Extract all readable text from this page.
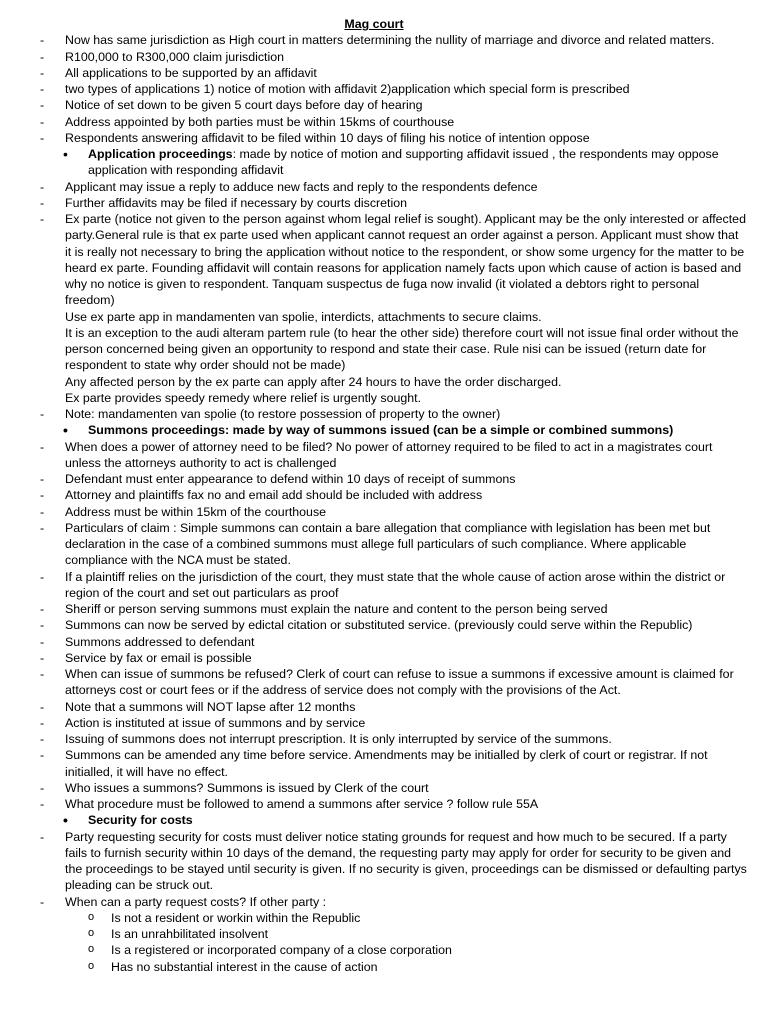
Mag court
- Now has same jurisdiction as High court in matters determining the nullity of marriage and divorce and related matters.
- R100,000 to R300,000 claim jurisdiction
- All applications to be supported by an affidavit
- two types of applications 1) notice of motion with affidavit 2)application which special form is prescribed
- Notice of set down to be given 5 court days before day of hearing
- Address appointed by both parties must be within 15kms of courthouse
- Respondents answering affidavit to be filed within 10 days of filing his notice of intention oppose
• Application proceedings: made by notice of motion and supporting affidavit issued , the respondents may oppose application with responding affidavit
- Applicant may issue a reply to adduce new facts and reply to the respondents defence
- Further affidavits may be filed if necessary by courts discretion
- Ex parte (notice not given to the person against whom legal relief is sought). Applicant may be the only interested or affected party.General rule is that ex parte used when applicant cannot request an order against a person. Applicant must show that it is really not necessary to bring the application without notice to the respondent, or show some urgency for the matter to be heard ex parte. Founding affidavit will contain reasons for application namely facts upon which cause of action is based and why no notice is given to respondent. Tanquam suspectus de fuga now invalid (it violated a debtors right to personal freedom)
Use ex parte app in mandamenten van spolie, interdicts, attachments to secure claims.
It is an exception to the audi alteram partem rule (to hear the other side) therefore court will not issue final order without the person concerned being given an opportunity to respond and state their case. Rule nisi can be issued (return date for respondent to state why order should not be made)
Any affected person by the ex parte can apply after 24 hours to have the order discharged.
Ex parte provides speedy remedy where relief is urgently sought.
- Note: mandamenten van spolie (to restore possession of property to the owner)
• Summons proceedings: made by way of summons issued (can be a simple or combined summons)
- When does a power of attorney need to be filed? No power of attorney required to be filed to act in a magistrates court unless the attorneys authority to act is challenged
- Defendant must enter appearance to defend within 10 days of receipt of summons
- Attorney and plaintiffs fax no and email add should be included with address
- Address must be within 15km of the courthouse
- Particulars of claim : Simple summons can contain a bare allegation that compliance with legislation has been met but declaration in the case of a combined summons must allege full particulars of such compliance. Where applicable compliance with the NCA must be stated.
- If a plaintiff relies on the jurisdiction of the court, they must state that the whole cause of action arose within the district or region of the court and set out particulars as proof
- Sheriff or person serving summons must explain the nature and content to the person being served
- Summons can now be served by edictal citation or substituted service. (previously could serve within the Republic)
- Summons addressed to defendant
- Service by fax or email is possible
- When can issue of summons be refused? Clerk of court can refuse to issue a summons if excessive amount is claimed for attorneys cost or court fees or if the address of service does not comply with the provisions of the Act.
- Note that a summons will NOT lapse after 12 months
- Action is instituted at issue of summons and by service
- Issuing of summons does not interrupt prescription. It is only interrupted by service of the summons.
- Summons can be amended any time before service. Amendments may be initialled by clerk of court or registrar. If not initialled, it will have no effect.
- Who issues a summons? Summons is issued by Clerk of the court
- What procedure must be followed to amend a summons after service ? follow rule 55A
• Security for costs
- Party requesting security for costs must deliver notice stating grounds for request and how much to be secured. If a party fails to furnish security within 10 days of the demand, the requesting party may apply for order for security to be given and the proceedings to be stayed until security is given. If no security is given, proceedings can be dismissed or defaulting partys pleading can be struck out.
- When can a party request costs? If other party :
o Is not a resident or workin within the Republic
o Is an unrahbilitated insolvent
o Is a registered or incorporated company of a close corporation
o Has no substantial interest in the cause of action
